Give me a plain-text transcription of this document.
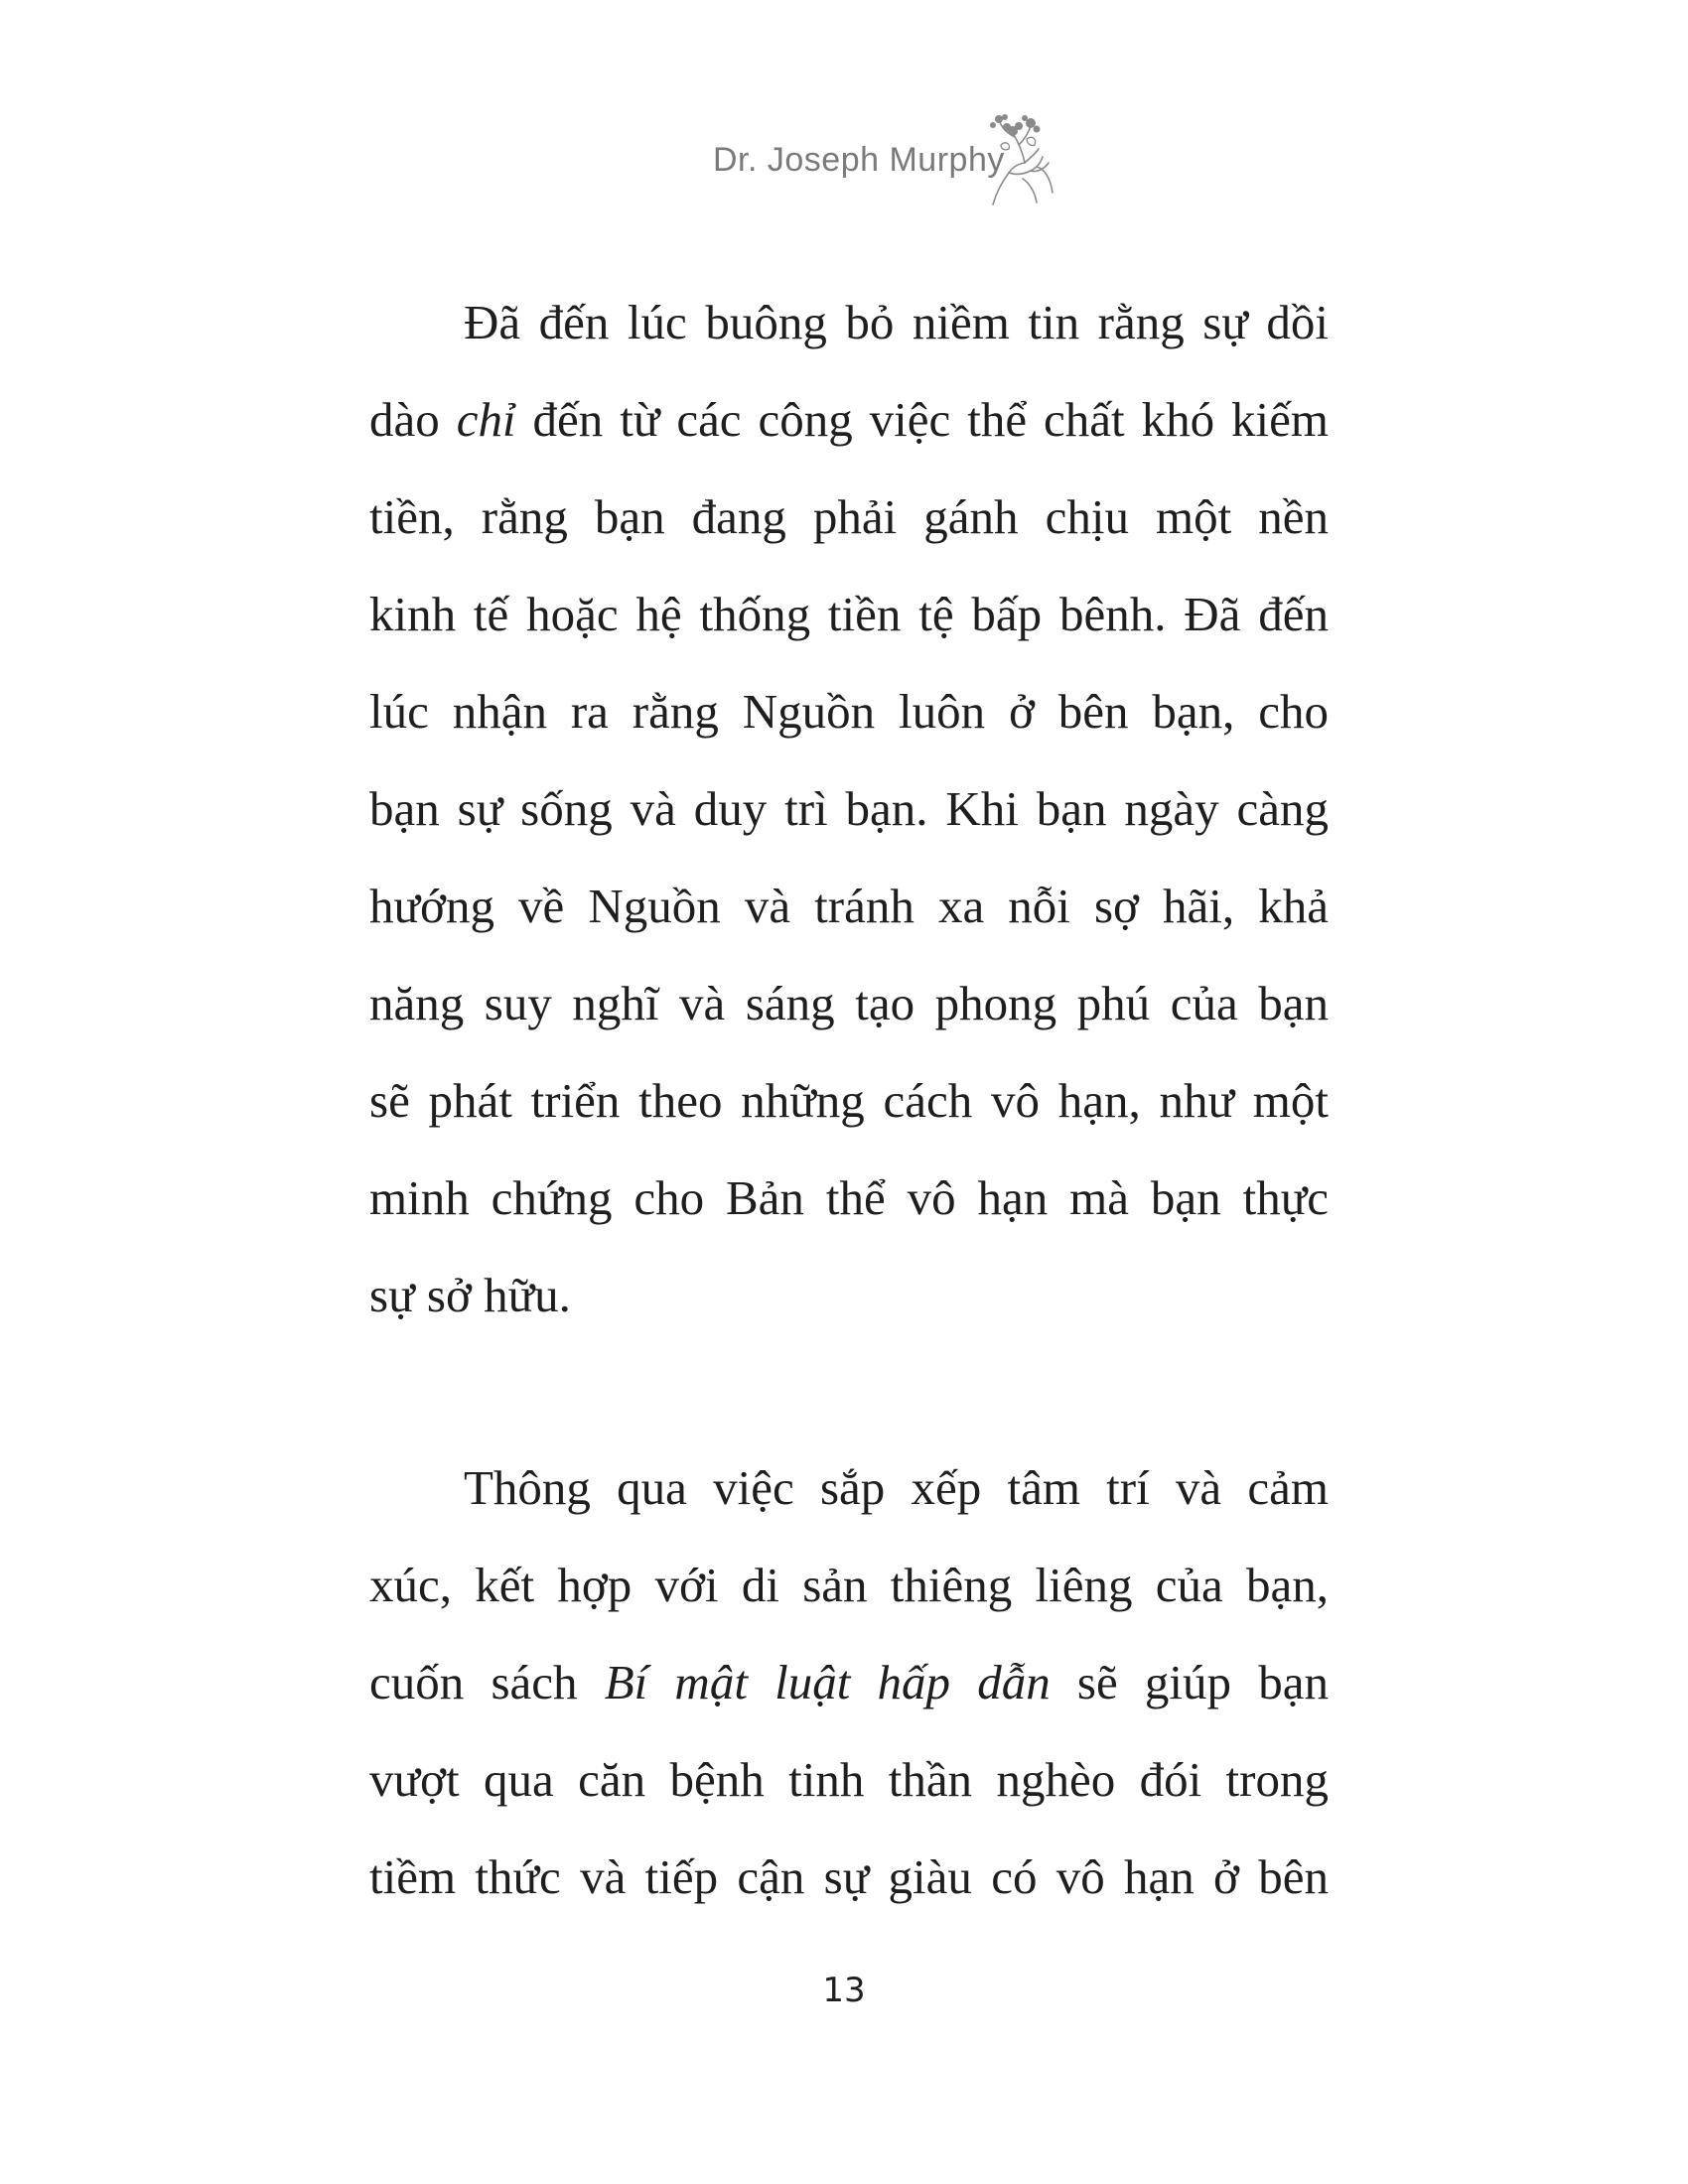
Dr. Joseph Murphy
Đã đến lúc buông bỏ niềm tin rằng sự dồi
dào chỉ đến từ các công việc thể chất khó kiếm
tiền, rằng bạn đang phải gánh chịu một nền
kinh tế hoặc hệ thống tiền tệ bấp bênh. Đã đến
lúc nhận ra rằng Nguồn luôn ở bên bạn, cho
bạn sự sống và duy trì bạn. Khi bạn ngày càng
hướng về Nguồn và tránh xa nỗi sợ hãi, khả
năng suy nghĩ và sáng tạo phong phú của bạn
sẽ phát triển theo những cách vô hạn, như một
minh chứng cho Bản thể vô hạn mà bạn thực
sự sở hữu.
Thông qua việc sắp xếp tâm trí và cảm
xúc, kết hợp với di sản thiêng liêng của bạn,
cuốn sách Bí mật luật hấp dẫn sẽ giúp bạn
vượt qua căn bệnh tinh thần nghèo đói trong
tiềm thức và tiếp cận sự giàu có vô hạn ở bên
13
